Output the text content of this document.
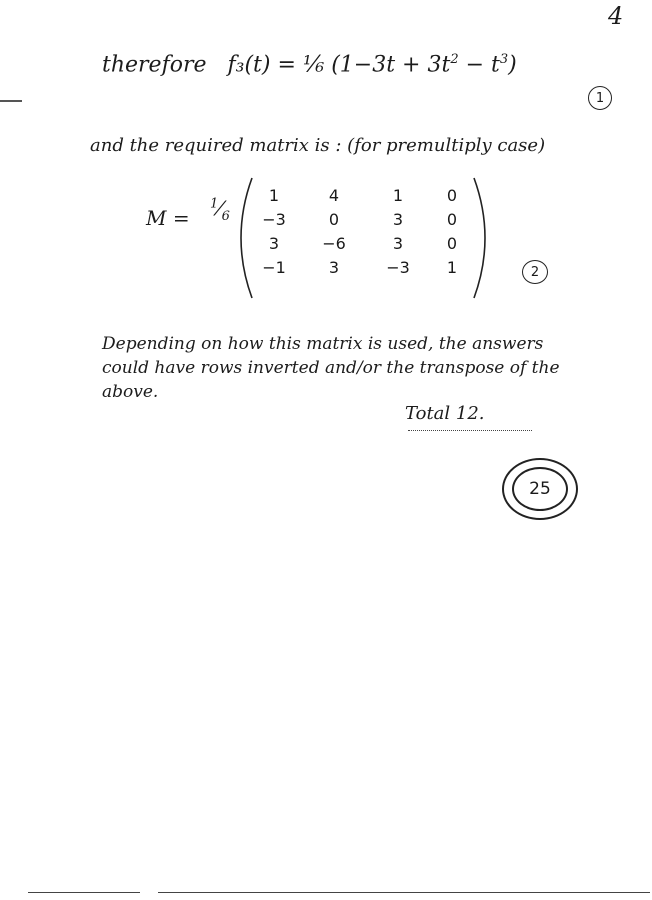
4
therefore f₃(t) = ⅙ $(1-3t + 3t^2 - t^3)$
1
and the required matrix is : (for premultiply case)
M =
$^1⁄_6$
1	4	1	0
−3	0	3	0
3	−6	3	0
−1	3	−3	1	2
Depending on how this matrix is used, the answers could have rows inverted and/or the transpose of the above.
Total 12.
25
